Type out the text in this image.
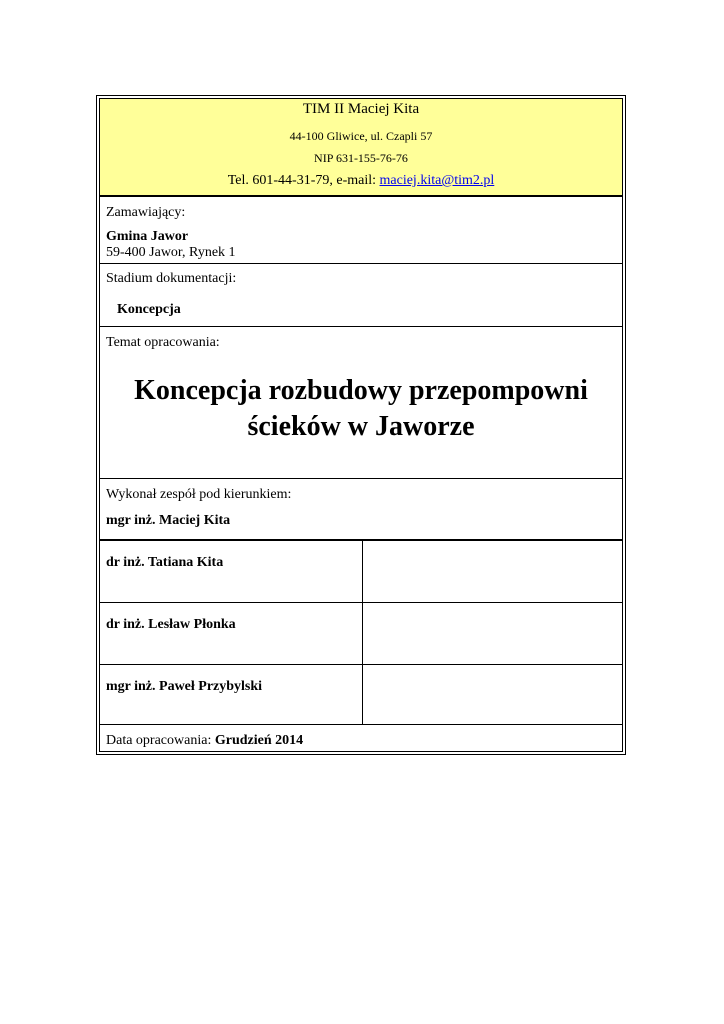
TIM II Maciej Kita
44-100 Gliwice, ul. Czapli 57
NIP 631-155-76-76
Tel. 601-44-31-79, e-mail: maciej.kita@tim2.pl
Zamawiający:
Gmina Jawor
59-400 Jawor, Rynek 1
Stadium dokumentacji:
Koncepcja
Temat opracowania:
Koncepcja rozbudowy przepompowni
ścieków w Jaworze
Wykonał zespół pod kierunkiem:
mgr inż. Maciej Kita
dr inż. Tatiana Kita
dr inż. Lesław Płonka
mgr inż. Paweł Przybylski
Data opracowania: Grudzień 2014
